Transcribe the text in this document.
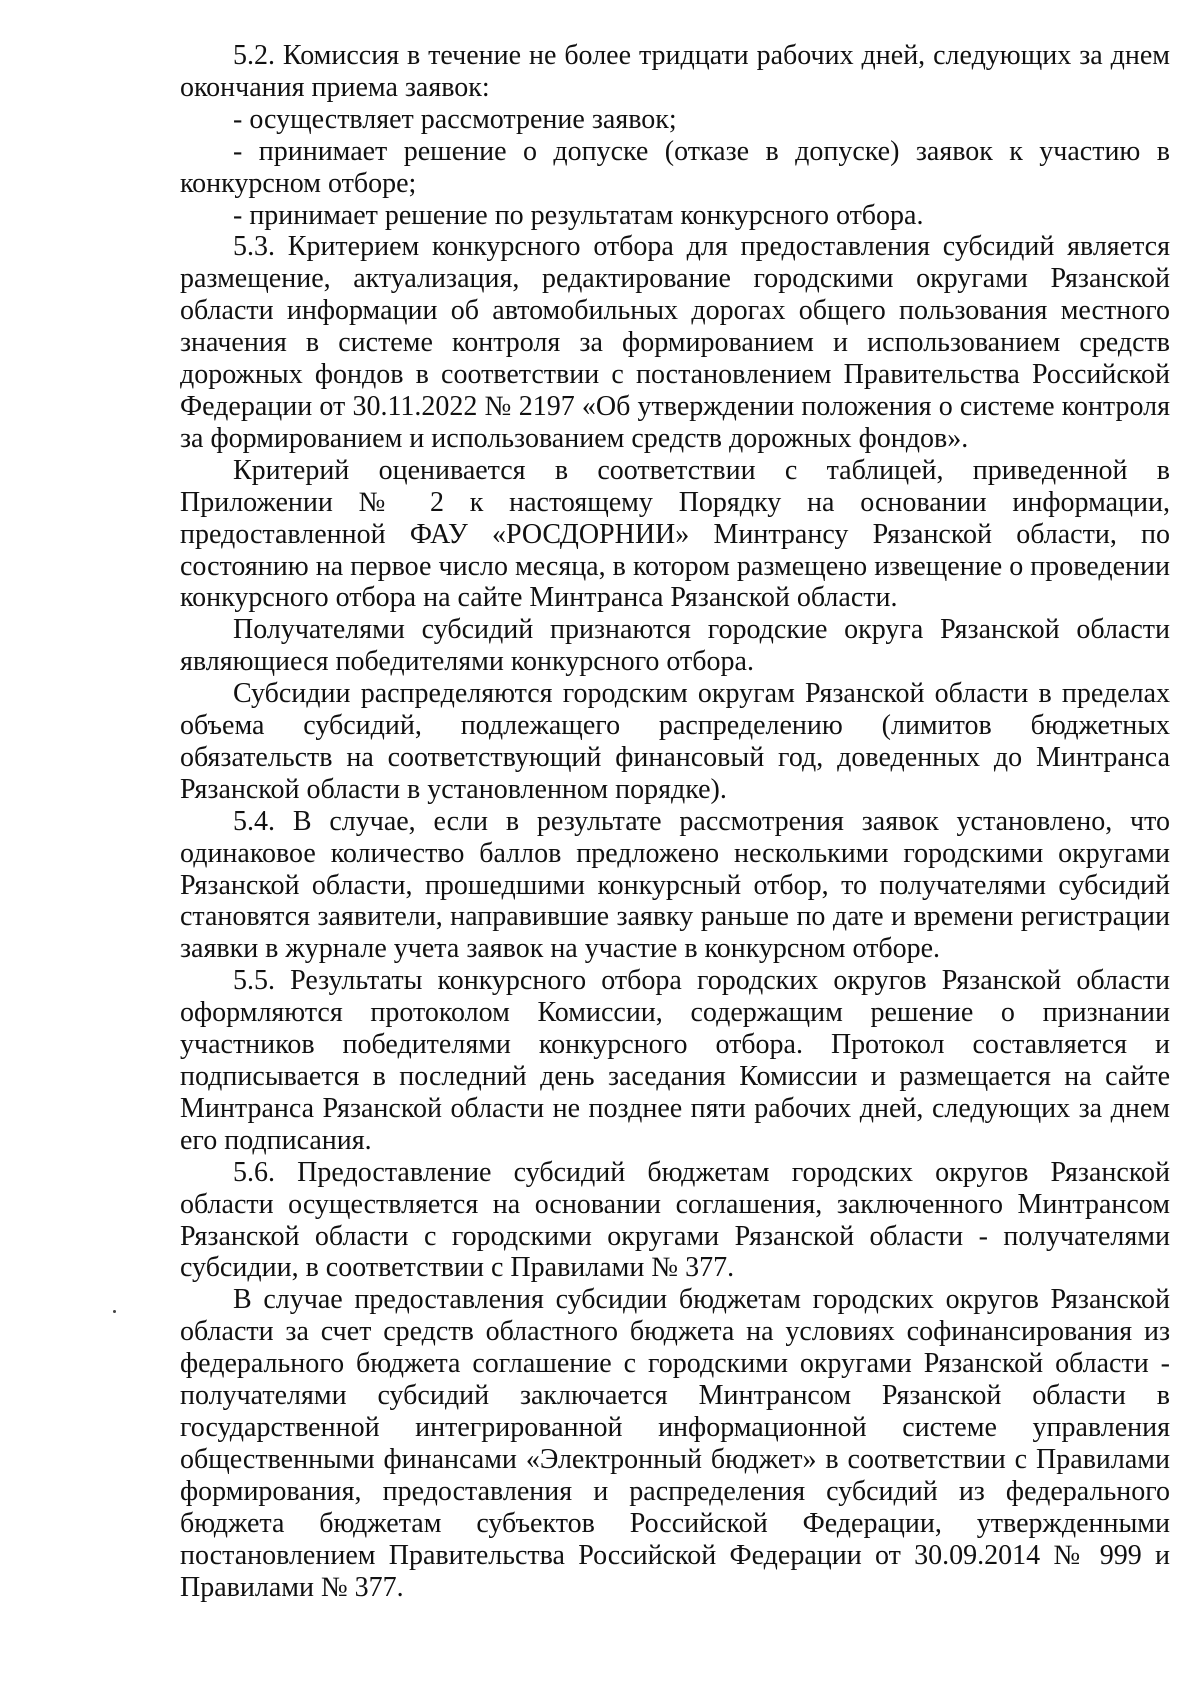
5.2. Комиссия в течение не более тридцати рабочих дней, следующих за днем окончания приема заявок:

- осуществляет рассмотрение заявок;

- принимает решение о допуске (отказе в допуске) заявок к участию в конкурсном отборе;

- принимает решение по результатам конкурсного отбора.

5.3. Критерием конкурсного отбора для предоставления субсидий является размещение, актуализация, редактирование городскими округами Рязанской области информации об автомобильных дорогах общего пользования местного значения в системе контроля за формированием и использованием средств дорожных фондов в соответствии с постановлением Правительства Российской Федерации от 30.11.2022 № 2197 «Об утверждении положения о системе контроля за формированием и использованием средств дорожных фондов».

Критерий оценивается в соответствии с таблицей, приведенной в Приложении № 2 к настоящему Порядку на основании информации, предоставленной ФАУ «РОСДОРНИИ» Минтрансу Рязанской области, по состоянию на первое число месяца, в котором размещено извещение о проведении конкурсного отбора на сайте Минтранса Рязанской области.

Получателями субсидий признаются городские округа Рязанской области являющиеся победителями конкурсного отбора.

Субсидии распределяются городским округам Рязанской области в пределах объема субсидий, подлежащего распределению (лимитов бюджетных обязательств на соответствующий финансовый год, доведенных до Минтранса Рязанской области в установленном порядке).

5.4. В случае, если в результате рассмотрения заявок установлено, что одинаковое количество баллов предложено несколькими городскими округами Рязанской области, прошедшими конкурсный отбор, то получателями субсидий становятся заявители, направившие заявку раньше по дате и времени регистрации заявки в журнале учета заявок на участие в конкурсном отборе.

5.5. Результаты конкурсного отбора городских округов Рязанской области оформляются протоколом Комиссии, содержащим решение о признании участников победителями конкурсного отбора. Протокол составляется и подписывается в последний день заседания Комиссии и размещается на сайте Минтранса Рязанской области не позднее пяти рабочих дней, следующих за днем его подписания.

5.6. Предоставление субсидий бюджетам городских округов Рязанской области осуществляется на основании соглашения, заключенного Минтрансом Рязанской области с городскими округами Рязанской области - получателями субсидии, в соответствии с Правилами № 377.

В случае предоставления субсидии бюджетам городских округов Рязанской области за счет средств областного бюджета на условиях софинансирования из федерального бюджета соглашение с городскими округами Рязанской области - получателями субсидий заключается Минтрансом Рязанской области в государственной интегрированной информационной системе управления общественными финансами «Электронный бюджет» в соответствии с Правилами формирования, предоставления и распределения субсидий из федерального бюджета бюджетам субъектов Российской Федерации, утвержденными постановлением Правительства Российской Федерации от 30.09.2014 № 999 и Правилами № 377.
